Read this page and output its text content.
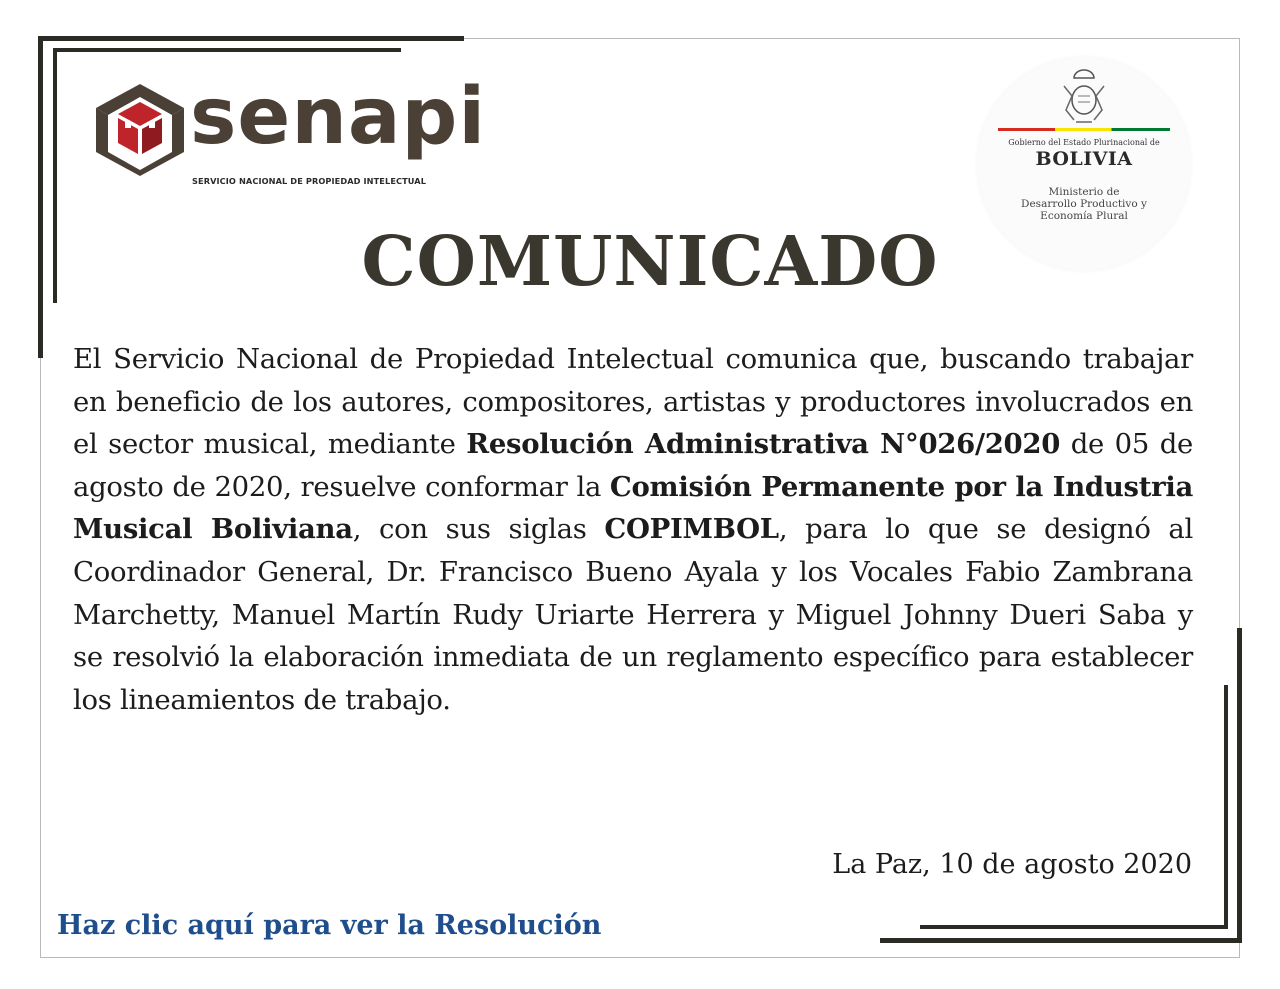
senapi
SERVICIO NACIONAL DE PROPIEDAD INTELECTUAL
Gobierno del Estado Plurinacional de
BOLIVIA
Ministerio de
Desarrollo Productivo y
Economía Plural
COMUNICADO
El Servicio Nacional de Propiedad Intelectual comunica que, buscando trabajar en beneficio de los autores, compositores, artistas y productores involucrados en el sector musical, mediante Resolución Administrativa N°026/2020 de 05 de agosto de 2020, resuelve conformar la Comisión Permanente por la Industria Musical Boliviana, con sus siglas COPIMBOL, para lo que se designó al Coordinador General, Dr. Francisco Bueno Ayala y los Vocales Fabio Zambrana Marchetty, Manuel Martín Rudy Uriarte Herrera y Miguel Johnny Dueri Saba y se resolvió la elaboración inmediata de un reglamento específico para establecer los lineamientos de trabajo.
La Paz, 10 de agosto 2020
Haz clic aquí para ver la Resolución
